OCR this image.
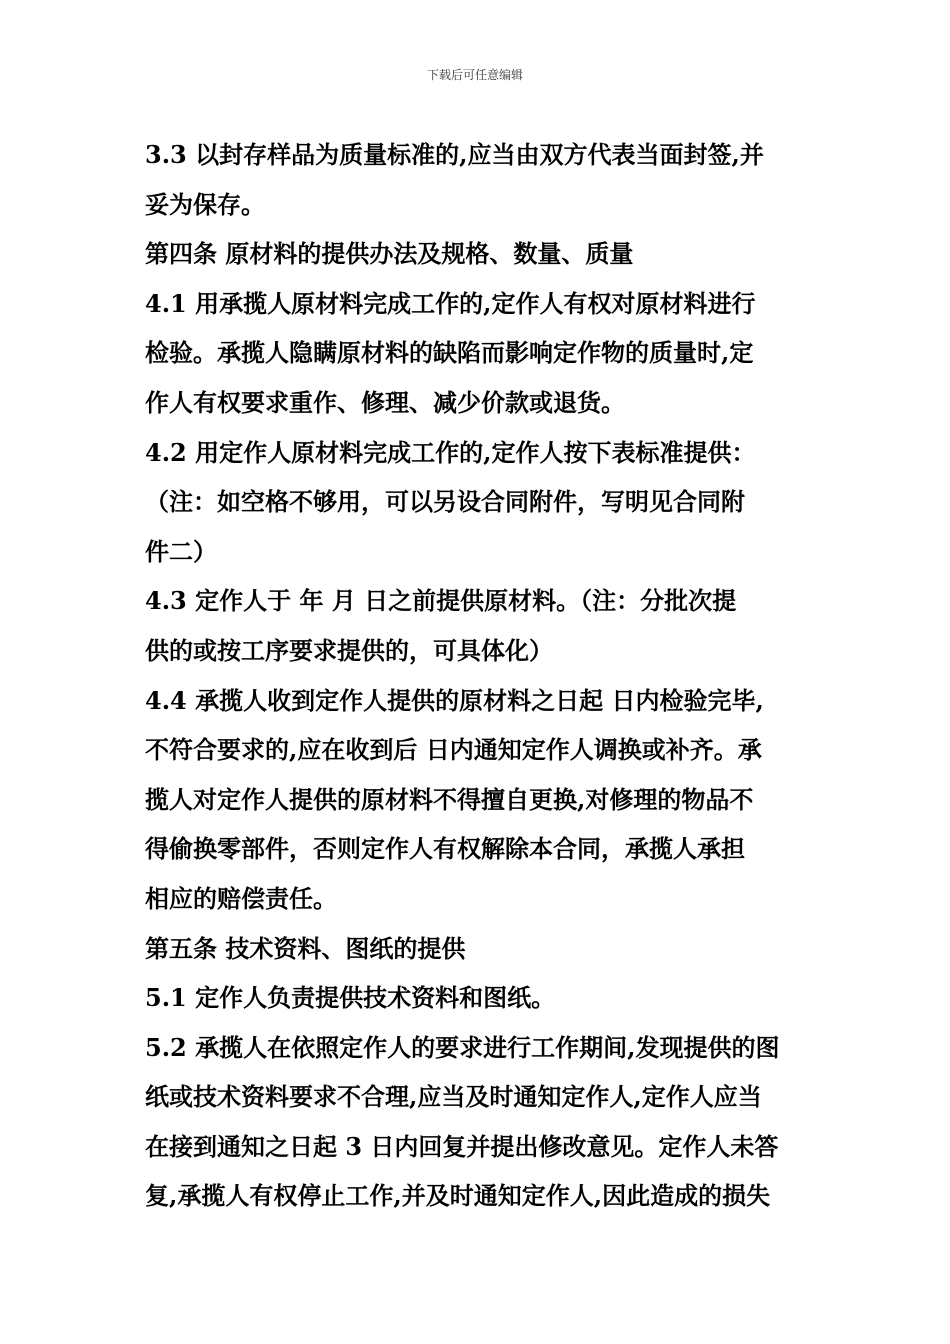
下载后可任意编辑
3.3 以封存样品为质量标准的,应当由双方代表当面封签,并
妥为保存。
第四条 原材料的提供办法及规格、数量、质量
4.1 用承揽人原材料完成工作的,定作人有权对原材料进行
检验。承揽人隐瞒原材料的缺陷而影响定作物的质量时,定
作人有权要求重作、修理、减少价款或退货。
4.2 用定作人原材料完成工作的,定作人按下表标准提供：
（注：如空格不够用，可以另设合同附件，写明见合同附
件二）
4.3 定作人于 年 月 日之前提供原材料。（注：分批次提
供的或按工序要求提供的，可具体化）
4.4 承揽人收到定作人提供的原材料之日起 日内检验完毕,
不符合要求的,应在收到后 日内通知定作人调换或补齐。承
揽人对定作人提供的原材料不得擅自更换,对修理的物品不
得偷换零部件，否则定作人有权解除本合同，承揽人承担
相应的赔偿责任。
第五条 技术资料、图纸的提供
5.1 定作人负责提供技术资料和图纸。
5.2 承揽人在依照定作人的要求进行工作期间,发现提供的图
纸或技术资料要求不合理,应当及时通知定作人,定作人应当
在接到通知之日起 3 日内回复并提出修改意见。定作人未答
复,承揽人有权停止工作,并及时通知定作人,因此造成的损失
